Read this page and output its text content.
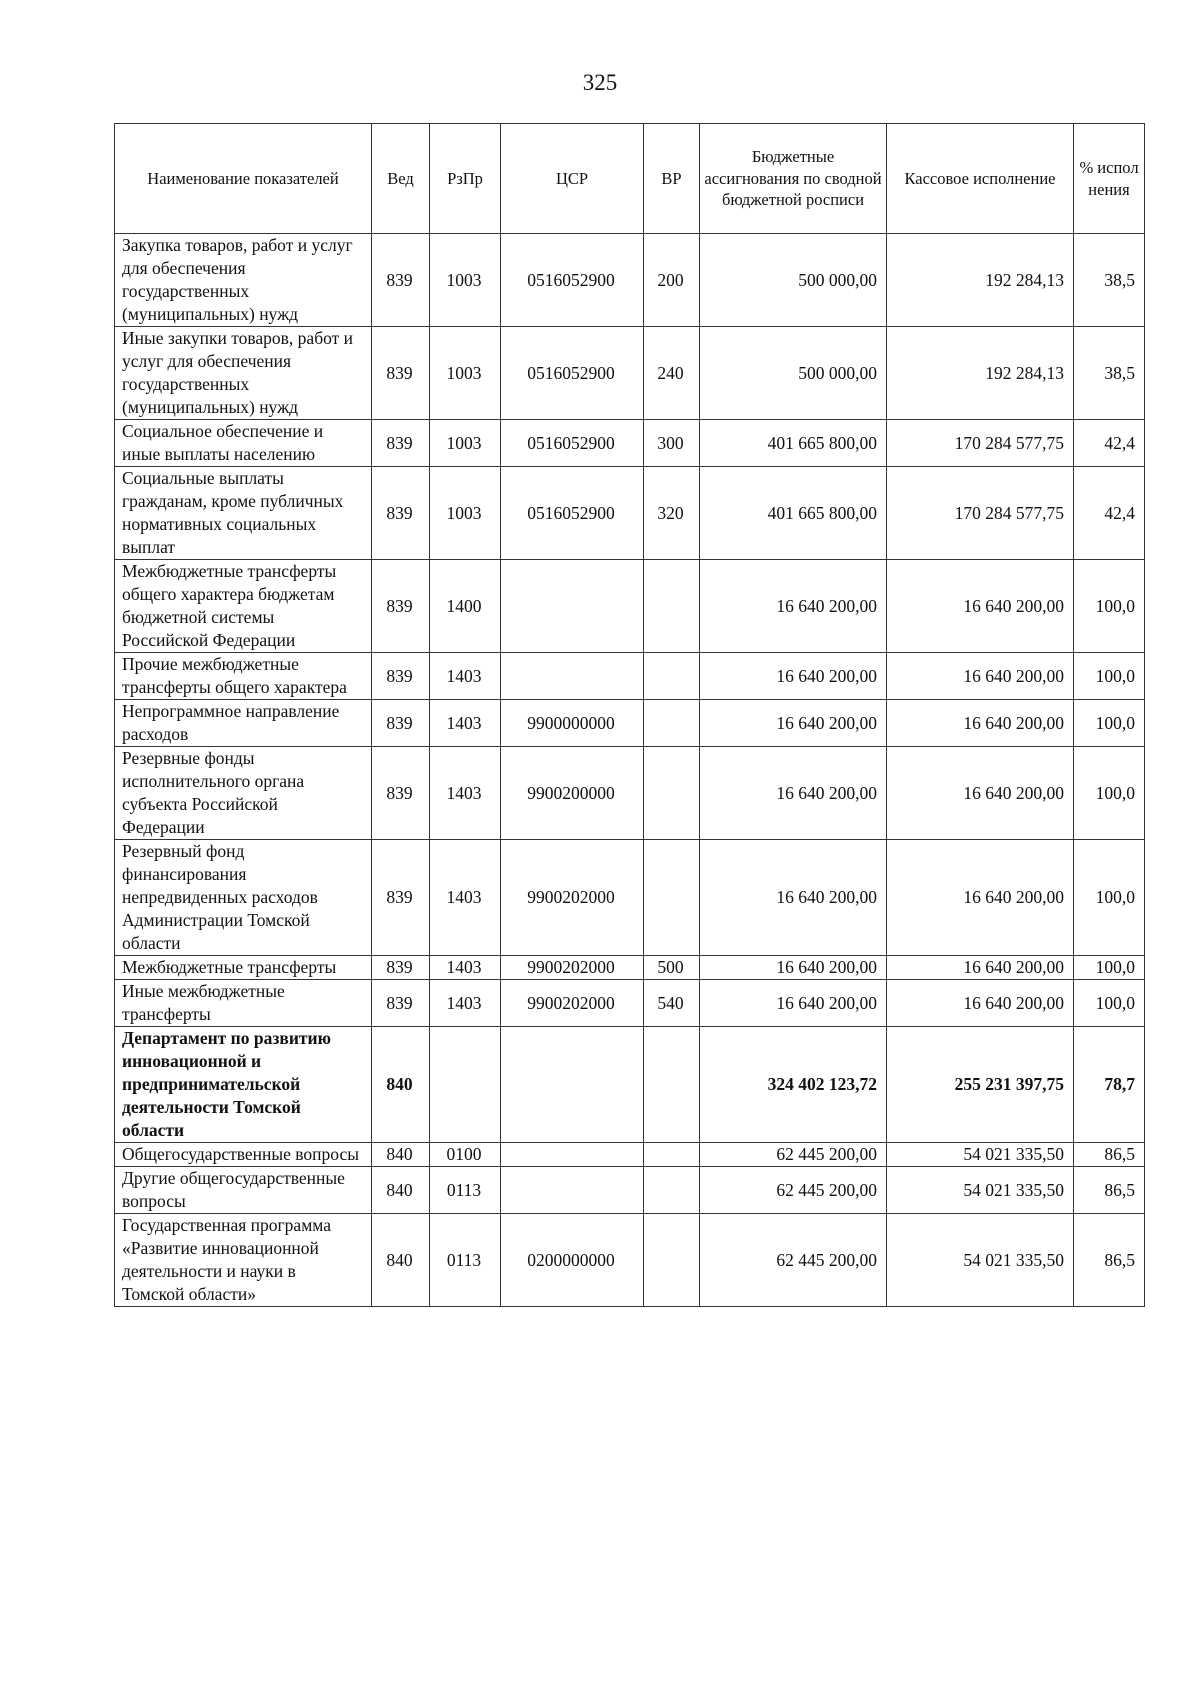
325
Наименование показателей	Вед	РзПр	ЦСР	ВР	Бюджетные ассигнования по сводной бюджетной росписи	Кассовое исполнение	% испол нения
Закупка товаров, работ и услуг для обеспечения государственных (муниципальных) нужд	839	1003	0516052900	200	500 000,00	192 284,13	38,5
Иные закупки товаров, работ и услуг для обеспечения государственных (муниципальных) нужд	839	1003	0516052900	240	500 000,00	192 284,13	38,5
Социальное обеспечение и иные выплаты населению	839	1003	0516052900	300	401 665 800,00	170 284 577,75	42,4
Социальные выплаты гражданам, кроме публичных нормативных социальных выплат	839	1003	0516052900	320	401 665 800,00	170 284 577,75	42,4
Межбюджетные трансферты общего характера бюджетам бюджетной системы Российской Федерации	839	1400			16 640 200,00	16 640 200,00	100,0
Прочие межбюджетные трансферты общего характера	839	1403			16 640 200,00	16 640 200,00	100,0
Непрограммное направление расходов	839	1403	9900000000		16 640 200,00	16 640 200,00	100,0
Резервные фонды исполнительного органа субъекта Российской Федерации	839	1403	9900200000		16 640 200,00	16 640 200,00	100,0
Резервный фонд финансирования непредвиденных расходов Администрации Томской области	839	1403	9900202000		16 640 200,00	16 640 200,00	100,0
Межбюджетные трансферты	839	1403	9900202000	500	16 640 200,00	16 640 200,00	100,0
Иные межбюджетные трансферты	839	1403	9900202000	540	16 640 200,00	16 640 200,00	100,0
Департамент по развитию инновационной и предпринимательской деятельности Томской области	840				324 402 123,72	255 231 397,75	78,7
Общегосударственные вопросы	840	0100			62 445 200,00	54 021 335,50	86,5
Другие общегосударственные вопросы	840	0113			62 445 200,00	54 021 335,50	86,5
Государственная программа «Развитие инновационной деятельности и науки в Томской области»	840	0113	0200000000		62 445 200,00	54 021 335,50	86,5
